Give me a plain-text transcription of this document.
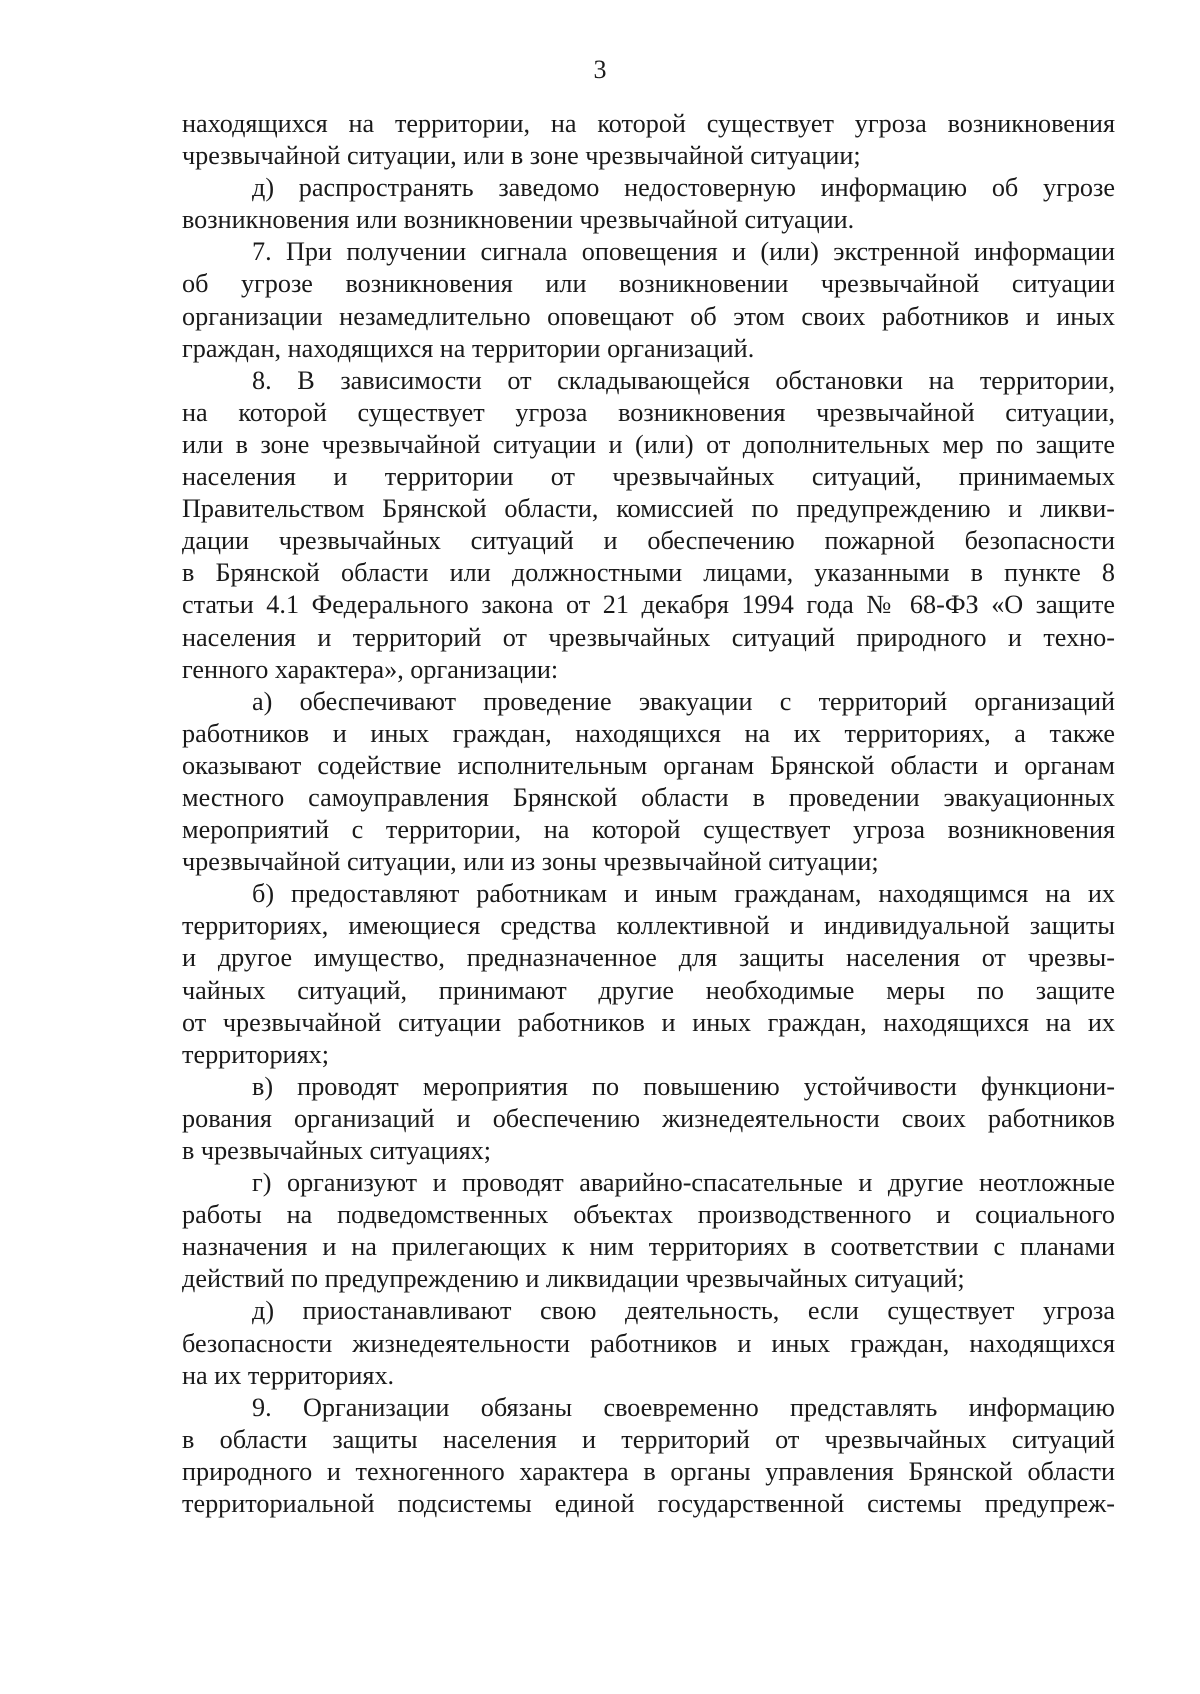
3
находящихся на территории, на которой существует угроза возникновения
чрезвычайной ситуации, или в зоне чрезвычайной ситуации;
д) распространять заведомо недостоверную информацию об угрозе
возникновения или возникновении чрезвычайной ситуации.
7. При получении сигнала оповещения и (или) экстренной информации
об угрозе возникновения или возникновении чрезвычайной ситуации
организации незамедлительно оповещают об этом своих работников и иных
граждан, находящихся на территории организаций.
8. В зависимости от складывающейся обстановки на территории,
на которой существует угроза возникновения чрезвычайной ситуации,
или в зоне чрезвычайной ситуации и (или) от дополнительных мер по защите
населения и территории от чрезвычайных ситуаций, принимаемых
Правительством Брянской области, комиссией по предупреждению и ликви-
дации чрезвычайных ситуаций и обеспечению пожарной безопасности
в Брянской области или должностными лицами, указанными в пункте 8
статьи 4.1 Федерального закона от 21 декабря 1994 года № 68-ФЗ «О защите
населения и территорий от чрезвычайных ситуаций природного и техно-
генного характера», организации:
а) обеспечивают проведение эвакуации с территорий организаций
работников и иных граждан, находящихся на их территориях, а также
оказывают содействие исполнительным органам Брянской области и органам
местного самоуправления Брянской области в проведении эвакуационных
мероприятий с территории, на которой существует угроза возникновения
чрезвычайной ситуации, или из зоны чрезвычайной ситуации;
б) предоставляют работникам и иным гражданам, находящимся на их
территориях, имеющиеся средства коллективной и индивидуальной защиты
и другое имущество, предназначенное для защиты населения от чрезвы-
чайных ситуаций, принимают другие необходимые меры по защите
от чрезвычайной ситуации работников и иных граждан, находящихся на их
территориях;
в) проводят мероприятия по повышению устойчивости функциони-
рования организаций и обеспечению жизнедеятельности своих работников
в чрезвычайных ситуациях;
г) организуют и проводят аварийно-спасательные и другие неотложные
работы на подведомственных объектах производственного и социального
назначения и на прилегающих к ним территориях в соответствии с планами
действий по предупреждению и ликвидации чрезвычайных ситуаций;
д) приостанавливают свою деятельность, если существует угроза
безопасности жизнедеятельности работников и иных граждан, находящихся
на их территориях.
9. Организации обязаны своевременно представлять информацию
в области защиты населения и территорий от чрезвычайных ситуаций
природного и техногенного характера в органы управления Брянской области
территориальной подсистемы единой государственной системы предупреж-
